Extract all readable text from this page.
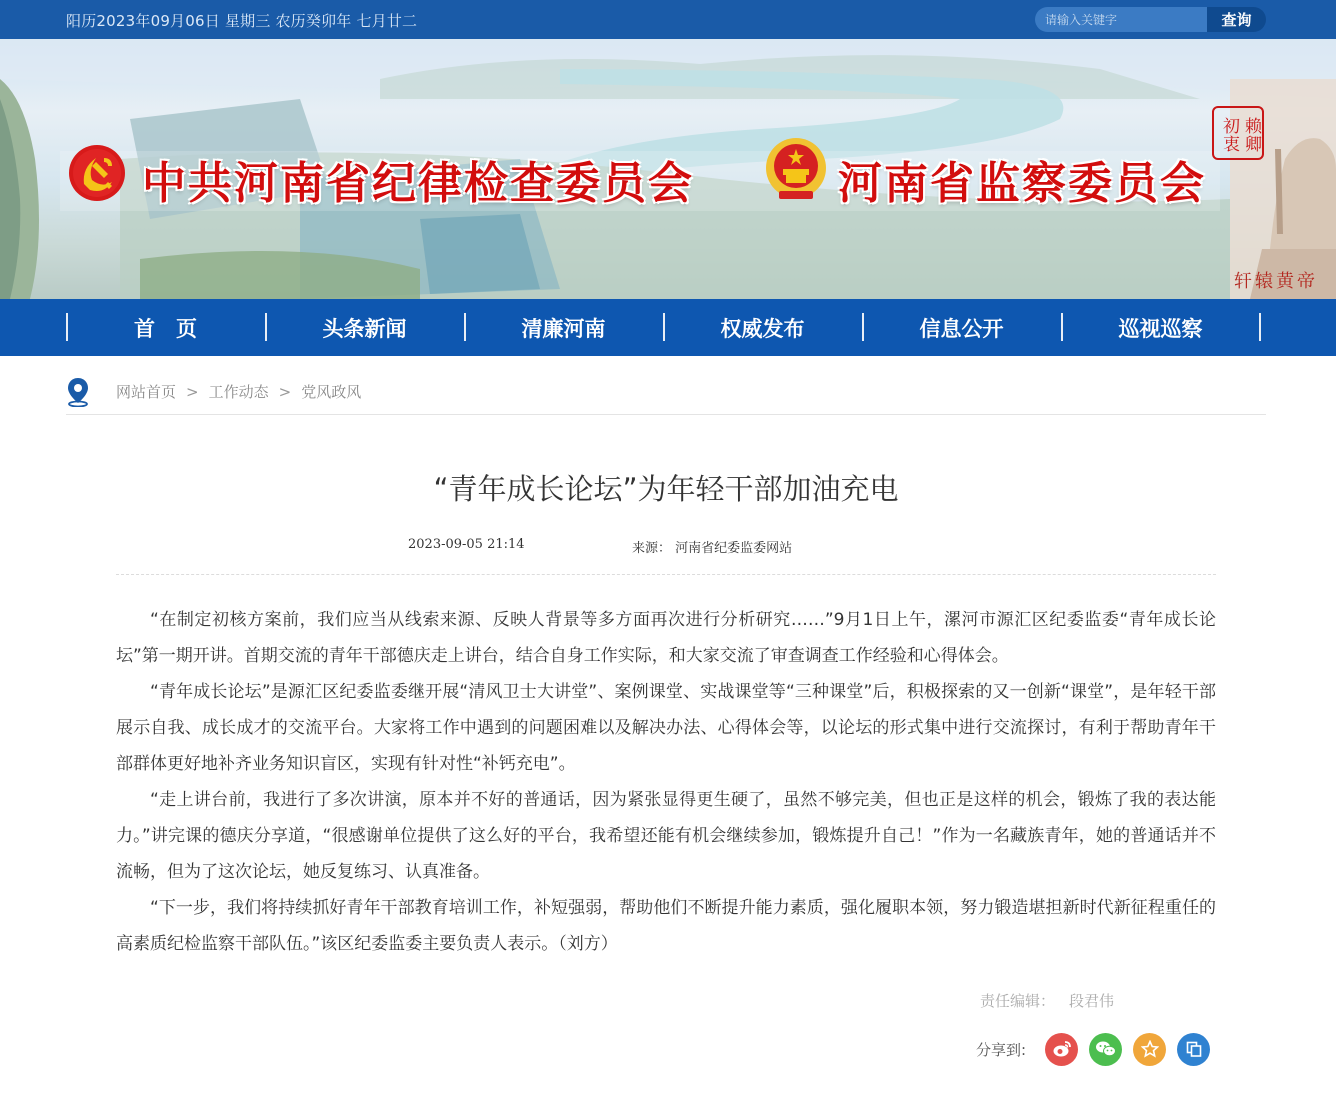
阳历2023年09月06日 星期三 农历癸卯年 七月廿二
请输入关键字	查询
中共河南省纪律检查委员会	河南省监察委员会
赖卿初衷
轩辕黄帝
首　页	头条新闻	清廉河南	权威发布	信息公开	巡视巡察
网站首页 > 工作动态 > 党风政风
“青年成长论坛”为年轻干部加油充电
2023-09-05 21:14	来源： 河南省纪委监委网站

“在制定初核方案前，我们应当从线索来源、反映人背景等多方面再次进行分析研究……”9月1日上午，漯河市源汇区纪委监委“青年成长论坛”第一期开讲。首期交流的青年干部德庆走上讲台，结合自身工作实际，和大家交流了审查调查工作经验和心得体会。

“青年成长论坛”是源汇区纪委监委继开展“清风卫士大讲堂”、案例课堂、实战课堂等“三种课堂”后，积极探索的又一创新“课堂”，是年轻干部展示自我、成长成才的交流平台。大家将工作中遇到的问题困难以及解决办法、心得体会等，以论坛的形式集中进行交流探讨，有利于帮助青年干部群体更好地补齐业务知识盲区，实现有针对性“补钙充电”。

“走上讲台前，我进行了多次讲演，原本并不好的普通话，因为紧张显得更生硬了，虽然不够完美，但也正是这样的机会，锻炼了我的表达能力。”讲完课的德庆分享道，“很感谢单位提供了这么好的平台，我希望还能有机会继续参加，锻炼提升自己！”作为一名藏族青年，她的普通话并不流畅，但为了这次论坛，她反复练习、认真准备。

“下一步，我们将持续抓好青年干部教育培训工作，补短强弱，帮助他们不断提升能力素质，强化履职本领，努力锻造堪担新时代新征程重任的高素质纪检监察干部队伍。”该区纪委监委主要负责人表示。（刘方）

责任编辑： 段君伟
分享到:
